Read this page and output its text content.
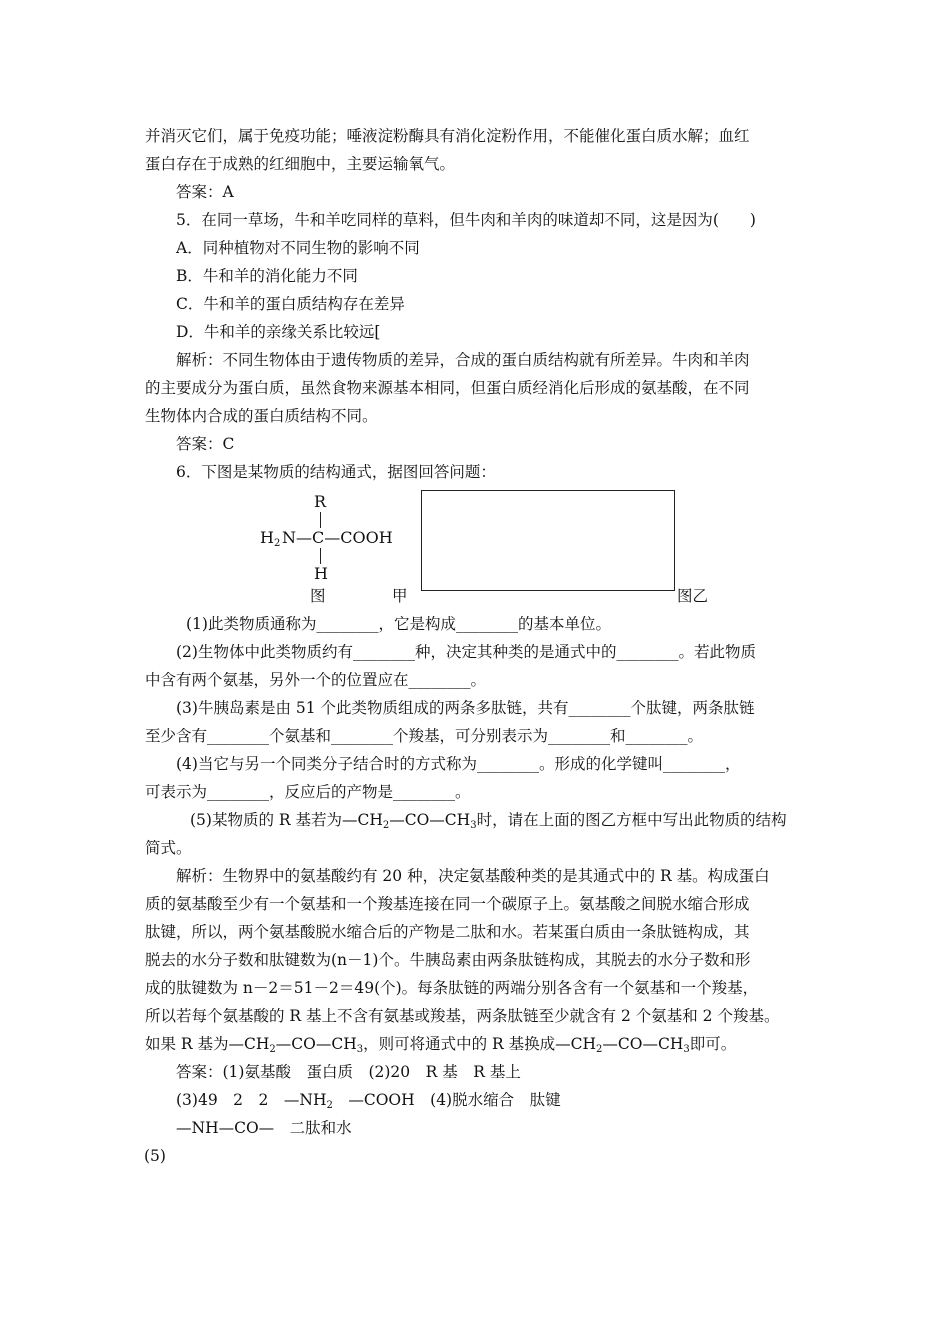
并消灭它们，属于免疫功能；唾液淀粉酶具有消化淀粉作用，不能催化蛋白质水解；血红
蛋白存在于成熟的红细胞中，主要运输氧气。
答案：A
5．在同一草场，牛和羊吃同样的草料，但牛肉和羊肉的味道却不同，这是因为(　　)
A．同种植物对不同生物的影响不同
B．牛和羊的消化能力不同
C．牛和羊的蛋白质结构存在差异
D．牛和羊的亲缘关系比较远[
解析：不同生物体由于遗传物质的差异，合成的蛋白质结构就有所差异。牛肉和羊肉
的主要成分为蛋白质，虽然食物来源基本相同，但蛋白质经消化后形成的氨基酸，在不同
生物体内合成的蛋白质结构不同。
答案：C
6．下图是某物质的结构通式，据图回答问题：
R
$H_2$ N—C—COOH
H
图	甲	图乙
(1)此类物质通称为________，它是构成________的基本单位。
(2)生物体中此类物质约有________种，决定其种类的是通式中的________。若此物质
中含有两个氨基，另外一个的位置应在________。
(3)牛胰岛素是由 51 个此类物质组成的两条多肽链，共有________个肽键，两条肽链
至少含有________个氨基和________个羧基，可分别表示为________和________。
(4)当它与另一个同类分子结合时的方式称为________。形成的化学键叫________，
可表示为________，反应后的产物是________。
(5)某物质的 R 基若为$—CH_2—CO—CH_3$时，请在上面的图乙方框中写出此物质的结构
简式。
解析：生物界中的氨基酸约有 20 种，决定氨基酸种类的是其通式中的 R 基。构成蛋白
质的氨基酸至少有一个氨基和一个羧基连接在同一个碳原子上。氨基酸之间脱水缩合形成
肽键，所以，两个氨基酸脱水缩合后的产物是二肽和水。若某蛋白质由一条肽链构成，其
脱去的水分子数和肽键数为(n－1)个。牛胰岛素由两条肽链构成，其脱去的水分子数和形
成的肽键数为 n－2＝51－2＝49(个)。每条肽链的两端分别各含有一个氨基和一个羧基，
所以若每个氨基酸的 R 基上不含有氨基或羧基，两条肽链至少就含有 2 个氨基和 2 个羧基。
如果 R 基为$—CH_2—CO—CH_3$，则可将通式中的 R 基换成$—CH_2—CO—CH_3$即可。
答案：(1)氨基酸　蛋白质　(2)20　R 基　R 基上
(3)49　2　2　$—NH_2$　—COOH　(4)脱水缩合　肽键
—NH—CO—　二肽和水
(5)
